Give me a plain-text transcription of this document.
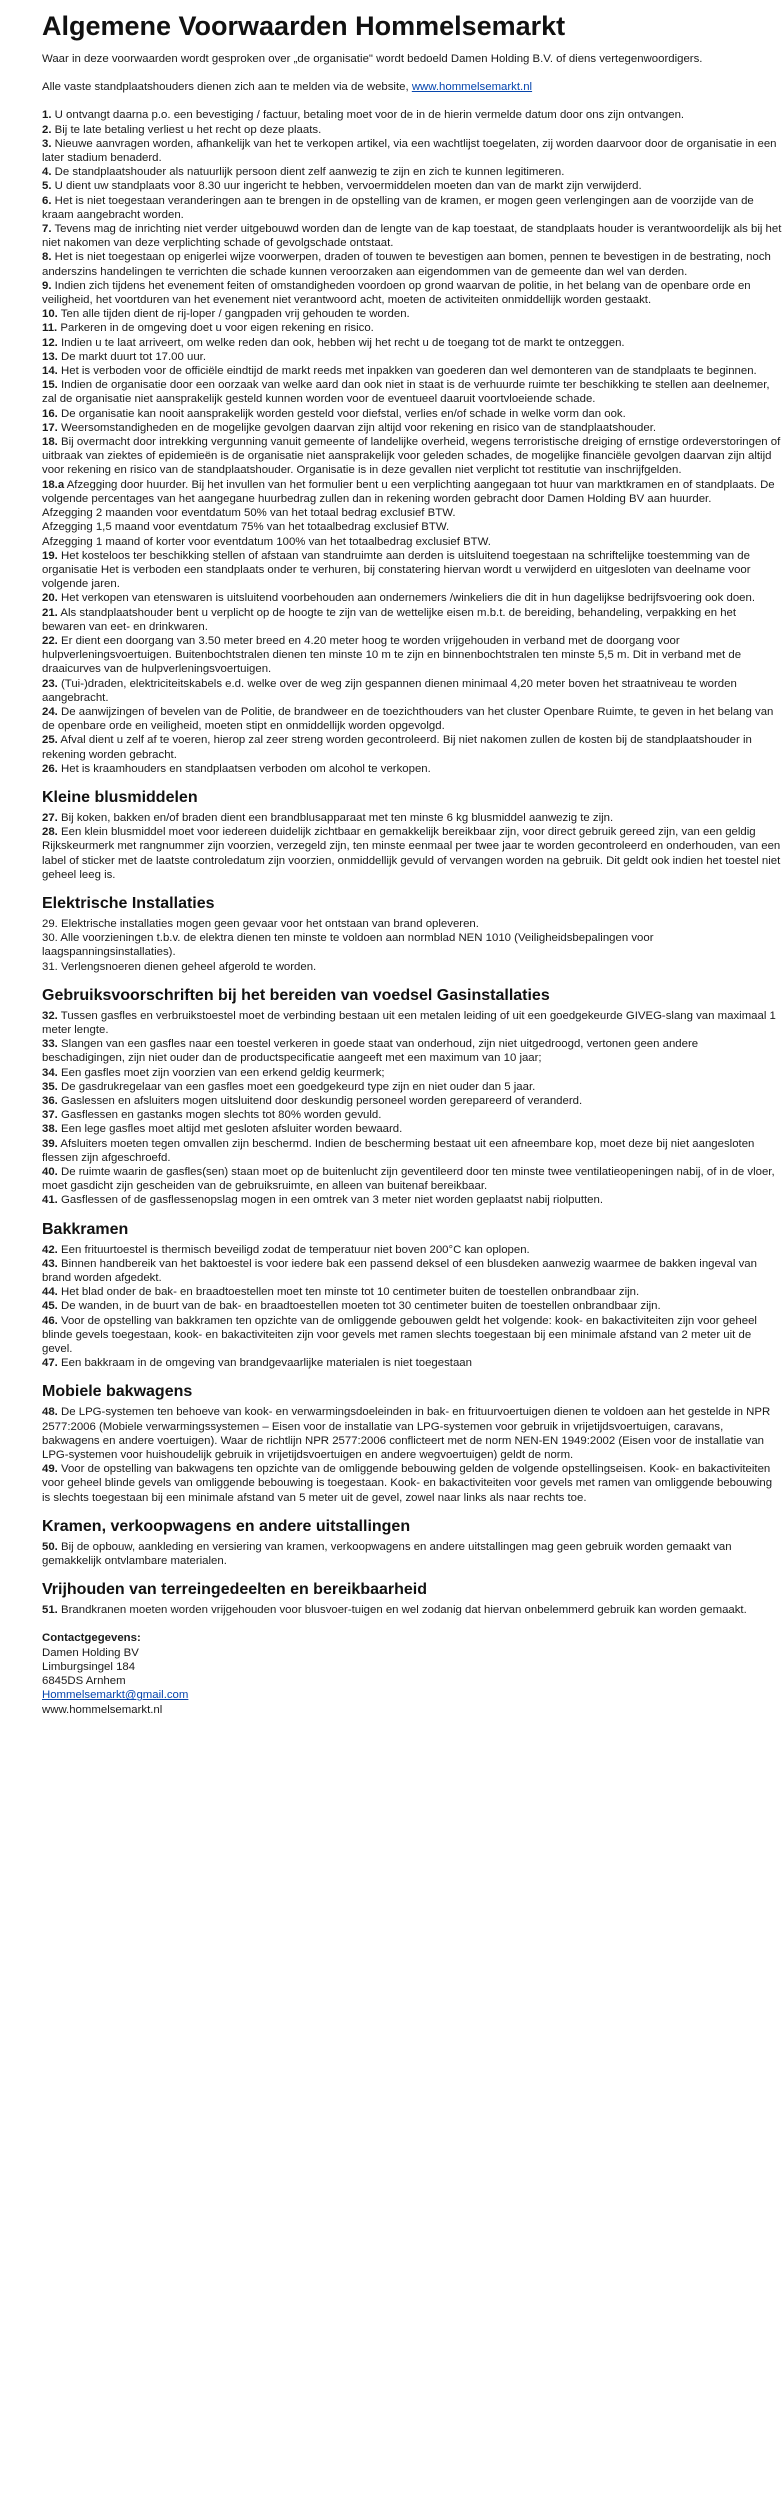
Algemene Voorwaarden Hommelsemarkt

Waar in deze voorwaarden wordt gesproken over „de organisatie" wordt bedoeld Damen Holding B.V. of diens vertegenwoordigers.

Alle vaste standplaatshouders dienen zich aan te melden via de website, www.hommelsemarkt.nl

1. U ontvangt daarna p.o. een bevestiging / factuur, betaling moet voor de in de hierin vermelde datum door ons zijn ontvangen.

2. Bij te late betaling verliest u het recht op deze plaats.

3. Nieuwe aanvragen worden, afhankelijk van het te verkopen artikel, via een wachtlijst toegelaten, zij worden daarvoor door de organisatie in een later stadium benaderd.

4. De standplaatshouder als natuurlijk persoon dient zelf aanwezig te zijn en zich te kunnen legitimeren.

5. U dient uw standplaats voor 8.30 uur ingericht te hebben, vervoermiddelen moeten dan van de markt zijn verwijderd.

6. Het is niet toegestaan veranderingen aan te brengen in de opstelling van de kramen, er mogen geen verlengingen aan de voorzijde van de kraam aangebracht worden.

7. Tevens mag de inrichting niet verder uitgebouwd worden dan de lengte van de kap toestaat, de standplaats houder is verantwoordelijk als bij het niet nakomen van deze verplichting schade of gevolgschade ontstaat.

8. Het is niet toegestaan op enigerlei wijze voorwerpen, draden of touwen te bevestigen aan bomen, pennen te bevestigen in de bestrating, noch anderszins handelingen te verrichten die schade kunnen veroorzaken aan eigendommen van de gemeente dan wel van derden.

9. Indien zich tijdens het evenement feiten of omstandigheden voordoen op grond waarvan de politie, in het belang van de openbare orde en veiligheid, het voortduren van het evenement niet verantwoord acht, moeten de activiteiten onmiddellijk worden gestaakt.

10. Ten alle tijden dient de rij-loper / gangpaden vrij gehouden te worden.

11. Parkeren in de omgeving doet u voor eigen rekening en risico.

12. Indien u te laat arriveert, om welke reden dan ook, hebben wij het recht u de toegang tot de markt te ontzeggen.

13. De markt duurt tot 17.00 uur.

14. Het is verboden voor de officiële eindtijd de markt reeds met inpakken van goederen dan wel demonteren van de standplaats te beginnen.

15. Indien de organisatie door een oorzaak van welke aard dan ook niet in staat is de verhuurde ruimte ter beschikking te stellen aan deelnemer, zal de organisatie niet aansprakelijk gesteld kunnen worden voor de eventueel daaruit voortvloeiende schade.

16. De organisatie kan nooit aansprakelijk worden gesteld voor diefstal, verlies en/of schade in welke vorm dan ook.

17. Weersomstandigheden en de mogelijke gevolgen daarvan zijn altijd voor rekening en risico van de standplaatshouder.

18. Bij overmacht door intrekking vergunning vanuit gemeente of landelijke overheid, wegens terroristische dreiging of ernstige ordeverstoringen of uitbraak van ziektes of epidemieën is de organisatie niet aansprakelijk voor geleden schades, de mogelijke financiële gevolgen daarvan zijn altijd voor rekening en risico van de standplaatshouder. Organisatie is in deze gevallen niet verplicht tot restitutie van inschrijfgelden.

18.a Afzegging door huurder. Bij het invullen van het formulier bent u een verplichting aangegaan tot huur van marktkramen en of standplaats. De volgende percentages van het aangegane huurbedrag zullen dan in rekening worden gebracht door Damen Holding BV aan huurder.

Afzegging 2 maanden voor eventdatum 50% van het totaal bedrag exclusief BTW.

Afzegging 1,5 maand voor eventdatum 75% van het totaalbedrag exclusief BTW.

Afzegging 1 maand of korter voor eventdatum 100% van het totaalbedrag exclusief BTW.

19. Het kosteloos ter beschikking stellen of afstaan van standruimte aan derden is uitsluitend toegestaan na schriftelijke toestemming van de organisatie Het is verboden een standplaats onder te verhuren, bij constatering hiervan wordt u verwijderd en uitgesloten van deelname voor volgende jaren.

20. Het verkopen van etenswaren is uitsluitend voorbehouden aan ondernemers /winkeliers die dit in hun dagelijkse bedrijfsvoering ook doen.

21. Als standplaatshouder bent u verplicht op de hoogte te zijn van de wettelijke eisen m.b.t. de bereiding, behandeling, verpakking en het bewaren van eet- en drinkwaren.

22. Er dient een doorgang van 3.50 meter breed en 4.20 meter hoog te worden vrijgehouden in verband met de doorgang voor hulpverleningsvoertuigen. Buitenbochtstralen dienen ten minste 10 m te zijn en binnenbochtstralen ten minste 5,5 m. Dit in verband met de draaicurves van de hulpverleningsvoertuigen.

23. (Tui-)draden, elektriciteitskabels e.d. welke over de weg zijn gespannen dienen minimaal 4,20 meter boven het straatniveau te worden aangebracht.

24. De aanwijzingen of bevelen van de Politie, de brandweer en de toezichthouders van het cluster Openbare Ruimte, te geven in het belang van de openbare orde en veiligheid, moeten stipt en onmiddellijk worden opgevolgd.

25. Afval dient u zelf af te voeren, hierop zal zeer streng worden gecontroleerd. Bij niet nakomen zullen de kosten bij de standplaatshouder in rekening worden gebracht.

26. Het is kraamhouders en standplaatsen verboden om alcohol te verkopen.

Kleine blusmiddelen

27. Bij koken, bakken en/of braden dient een brandblusapparaat met ten minste 6 kg blusmiddel aanwezig te zijn.

28. Een klein blusmiddel moet voor iedereen duidelijk zichtbaar en gemakkelijk bereikbaar zijn, voor direct gebruik gereed zijn, van een geldig Rijkskeurmerk met rangnummer zijn voorzien, verzegeld zijn, ten minste eenmaal per twee jaar te worden gecontroleerd en onderhouden, van een label of sticker met de laatste controledatum zijn voorzien, onmiddellijk gevuld of vervangen worden na gebruik. Dit geldt ook indien het toestel niet geheel leeg is.

Elektrische Installaties

29. Elektrische installaties mogen geen gevaar voor het ontstaan van brand opleveren.

30. Alle voorzieningen t.b.v. de elektra dienen ten minste te voldoen aan normblad NEN 1010 (Veiligheidsbepalingen voor laagspanningsinstallaties).

31. Verlengsnoeren dienen geheel afgerold te worden.

Gebruiksvoorschriften bij het bereiden van voedsel Gasinstallaties

32. Tussen gasfles en verbruikstoestel moet de verbinding bestaan uit een metalen leiding of uit een goedgekeurde GIVEG-slang van maximaal 1 meter lengte.

33. Slangen van een gasfles naar een toestel verkeren in goede staat van onderhoud, zijn niet uitgedroogd, vertonen geen andere beschadigingen, zijn niet ouder dan de productspecificatie aangeeft met een maximum van 10 jaar;

34. Een gasfles moet zijn voorzien van een erkend geldig keurmerk;

35. De gasdrukregelaar van een gasfles moet een goedgekeurd type zijn en niet ouder dan 5 jaar.

36. Gaslessen en afsluiters mogen uitsluitend door deskundig personeel worden gerepareerd of veranderd.

37. Gasflessen en gastanks mogen slechts tot 80% worden gevuld.

38. Een lege gasfles moet altijd met gesloten afsluiter worden bewaard.

39. Afsluiters moeten tegen omvallen zijn beschermd. Indien de bescherming bestaat uit een afneembare kop, moet deze bij niet aangesloten flessen zijn afgeschroefd.

40. De ruimte waarin de gasfles(sen) staan moet op de buitenlucht zijn geventileerd door ten minste twee ventilatieopeningen nabij, of in de vloer, moet gasdicht zijn gescheiden van de gebruiksruimte, en alleen van buitenaf bereikbaar.

41. Gasflessen of de gasflessenopslag mogen in een omtrek van 3 meter niet worden geplaatst nabij riolputten.

Bakkramen

42. Een frituurtoestel is thermisch beveiligd zodat de temperatuur niet boven 200°C kan oplopen.

43. Binnen handbereik van het baktoestel is voor iedere bak een passend deksel of een blusdeken aanwezig waarmee de bakken ingeval van brand worden afgedekt.

44. Het blad onder de bak- en braadtoestellen moet ten minste tot 10 centimeter buiten de toestellen onbrandbaar zijn.

45. De wanden, in de buurt van de bak- en braadtoestellen moeten tot 30 centimeter buiten de toestellen onbrandbaar zijn.

46. Voor de opstelling van bakkramen ten opzichte van de omliggende gebouwen geldt het volgende: kook- en bakactiviteiten zijn voor geheel blinde gevels toegestaan, kook- en bakactiviteiten zijn voor gevels met ramen slechts toegestaan bij een minimale afstand van 2 meter uit de gevel.

47. Een bakkraam in de omgeving van brandgevaarlijke materialen is niet toegestaan

Mobiele bakwagens

48. De LPG-systemen ten behoeve van kook- en verwarmingsdoeleinden in bak- en frituurvoertuigen dienen te voldoen aan het gestelde in NPR 2577:2006 (Mobiele verwarmingssystemen – Eisen voor de installatie van LPG-systemen voor gebruik in vrijetijdsvoertuigen, caravans, bakwagens en andere voertuigen). Waar de richtlijn NPR 2577:2006 conflicteert met de norm NEN-EN 1949:2002 (Eisen voor de installatie van LPG-systemen voor huishoudelijk gebruik in vrijetijdsvoertuigen en andere wegvoertuigen) geldt de norm.

49. Voor de opstelling van bakwagens ten opzichte van de omliggende bebouwing gelden de volgende opstellingseisen. Kook- en bakactiviteiten voor geheel blinde gevels van omliggende bebouwing is toegestaan. Kook- en bakactiviteiten voor gevels met ramen van omliggende bebouwing is slechts toegestaan bij een minimale afstand van 5 meter uit de gevel, zowel naar links als naar rechts toe.

Kramen, verkoopwagens en andere uitstallingen

50. Bij de opbouw, aankleding en versiering van kramen, verkoopwagens en andere uitstallingen mag geen gebruik worden gemaakt van gemakkelijk ontvlambare materialen.

Vrijhouden van terreingedeelten en bereikbaarheid

51. Brandkranen moeten worden vrijgehouden voor blusvoer-tuigen en wel zodanig dat hiervan onbelemmerd gebruik kan worden gemaakt.

Contactgegevens:
Damen Holding BV
Limburgsingel 184
6845DS Arnhem
Hommelsemarkt@gmail.com
www.hommelsemarkt.nl
